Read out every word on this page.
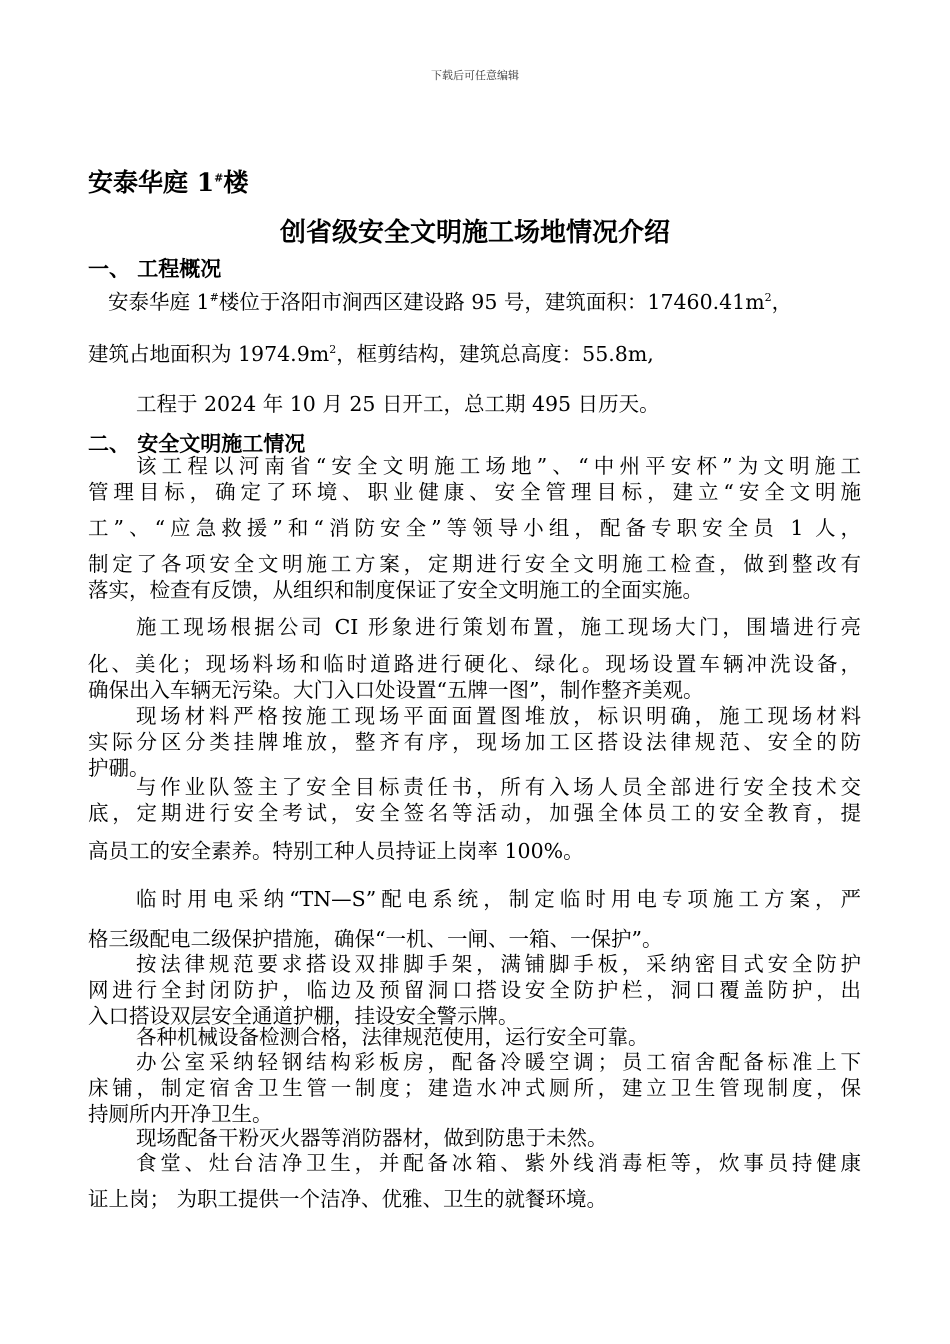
下载后可任意编辑
安泰华庭 1#楼
创省级安全文明施工场地情况介绍
一、 工程概况
安泰华庭 1#楼位于洛阳市涧西区建设路 95 号，建筑面积：$17460.41m^2$，
建筑占地面积为 $1974.9m^2$，框剪结构，建筑总高度：55.8m,
工程于 2024 年 10 月 25 日开工，总工期 495 日历天。
二、 安全文明施工情况
该工程以河南省“安全文明施工场地”、“中州平安杯”为文明施工
管理目标，确定了环境、职业健康、安全管理目标，建立“安全文明施
工”、“应急救援”和“消防安全”等领导小组，配备专职安全员 1 人，
制定了各项安全文明施工方案，定期进行安全文明施工检查，做到整改有
落实，检查有反馈，从组织和制度保证了安全文明施工的全面实施。
施工现场根据公司 CI 形象进行策划布置，施工现场大门，围墙进行亮
化、美化；现场料场和临时道路进行硬化、绿化。现场设置车辆冲洗设备，
确保出入车辆无污染。大门入口处设置“五牌一图”，制作整齐美观。
现场材料严格按施工现场平面面置图堆放，标识明确，施工现场材料
实际分区分类挂牌堆放，整齐有序，现场加工区搭设法律规范、安全的防
护硼。
与作业队签主了安全目标责任书，所有入场人员全部进行安全技术交
底，定期进行安全考试，安全签名等活动，加强全体员工的安全教育，提
高员工的安全素养。特别工种人员持证上岗率 100%。
临时用电采纳“TN—S”配电系统，制定临时用电专项施工方案，严
格三级配电二级保护措施，确保“一机、一闸、一箱、一保护”。
按法律规范要求搭设双排脚手架，满铺脚手板，采纳密目式安全防护
网进行全封闭防护，临边及预留洞口搭设安全防护栏，洞口覆盖防护，出
入口搭设双层安全通道护棚，挂设安全警示牌。
各种机械设备检测合格，法律规范使用，运行安全可靠。
办公室采纳轻钢结构彩板房，配备冷暖空调；员工宿舍配备标准上下
床铺，制定宿舍卫生管一制度；建造水冲式厕所，建立卫生管现制度，保
持厕所内开净卫生。
现场配备干粉灭火器等消防器材，做到防患于未然。
食堂、灶台洁净卫生，并配备冰箱、紫外线消毒柜等，炊事员持健康
证上岗； 为职工提供一个洁净、优雅、卫生的就餐环境。
